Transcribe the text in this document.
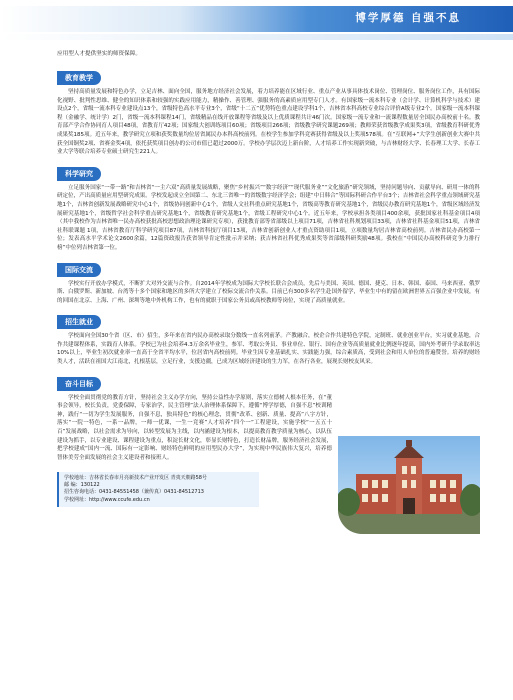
博学厚德 自强不息

应用型人才提供坚实的师资保障。

教育教学

坚持高质量发展和特色办学，立足吉林、面向全国，服务地方经济社会发展，着力培养能在区域行业、重点产业从事具体技术岗位、管理岗位、服务岗位工作，具有国际化视野、批判性思维、健全的知识体系和较强的实践应用能力，精操作、善管理、强服务的高素质应用型专门人才。有国家级一流本科专业（会计学、计算机科学与技术）建设点2个，省级一流本科专业建设点13个，省级特色高水平专业3个，省级“十二五”优势特色重点建设学科1个，吉林省本科高校专业综合评价A级专业2个。国家级一流本科课程（金融学、统计学）2门，省级一流本科课程14门，省级精品在线开放课程等省级及以上优质课程共计46门次。国家级一流专业和一流课程数量居全国民办高校前十名。教育部产学合作协同育人项目48项，省教育厅42项；国家级大创训练项目60项；省级项目266项；省级教学研究课题269项；教师荣获省级教学成果奖3项，省级教育科研优秀成果奖185项。近五年来，教学研究立项和获奖数量均位居省属民办本科高校前列。在校学生参加学科竞赛获得省级及以上奖项578项。在“互联网+”大学生创新创业大赛中共获全国铜奖2项、省赛金奖4项，依托获奖项目创办的公司市值已超过2000万。学校办学层次迈上新台阶，人才培养工作实现新突破，与吉林财经大学、长春理工大学、长春工业大学等联合培养专业硕士研究生221人。

科学研究

立足服务国家“一带一路”和吉林省“一主六双”高质量发展战略，聚焦“乡村振兴”“数字经济”“现代服务业”“文化旅游”研究领域，坚持问题导向、贡献导向、研用一体的科研定位，产出高质量应用型研究成果。学校发起成立全国第二、东北三省唯一的省级数字经济学会；组建“中日韩合”等国际科研合作平台3个；吉林省社会科学重点领域研究基地1个，吉林省创新发展战略研究中心1个，省级协同创新中心1个，省级人文社科重点研究基地1个，省级高等教育研究基地1个，省级民办教育研究基地1个，省级区域经济发展研究基地1个，省级哲学社会科学重点研究基地1个，省级教育研究基地1个，省级工程研究中心1个。近五年来，学校承担各类项目400余项，获批国家社科基金项目4项（其中我校作为吉林省唯一民办高校获批高校思想政治理论课研究专项），获批教育部等省部级以上项目71项，吉林省社科规划项目33项，吉林省社科基金项目51项，吉林省社科联课题 1项，吉林省教育厅科学研究项目87项，吉林省科技厅项目13项，吉林省创新创业人才重点资助项目1项，立项数量均居吉林省高校前列。吉林省民办高校第一位；发表高水平学术论文2600余篇，12篇资政报告获省领导肯定性批示并采纳；获吉林省社科优秀成果奖等省部级科研奖励48项。我校在“中国民办高校科研竞争力排行榜”中位列吉林省第一位。

国际交流

学校实行开放办学模式，不断扩大对外交流与合作。自2014年学校成为国际大学校长联合会成员，先后与美国、英国、德国、捷克、日本、韩国、泰国、马来西亚、俄罗斯、白俄罗斯、新加坡、台湾等十多个国家和地区的多所大学建立了校际交流合作关系。目前已有300多名学生赴国外留学，毕业生中有的留在欧洲世界五百强企业中发展，有的回国在北京、上海、广州、深圳等地中外机构工作，也有的就职于国家公务员或高校教师等岗位，实现了高质量就业。

招生就业

学校面向全国30个省（区、市）招生，多年来在省内民办高校录取分数线一直名列前茅。产教融合，校企合作共建特色学院，定制班、就业创业平台，实习就业基地，合作共建课程体系，实践育人体系。学校已为社会培养4.3万余名毕业生，参军、考取公务员、事业单位、银行、国有企业等高质量就业比例逐年提高，国内外考研升学录取率达10%以上，毕业生初次就业率一直高于全省平均水平，位居省内高校前列。毕业生因专业基础扎实、实践能力强，综合素质高，受到社会和用人单位的普遍赞誉。培养的财经类人才，活跃在祖国大江南北，扎根基层，立足行业，支援边疆，已成为区域经济建设的生力军，在各行各业，展现长财校友风采。

奋斗目标

学校全面贯彻党的教育方针，坚持社会主义办学方向，坚持公益性办学原则，落实立德树人根本任务，在“董事会领导，校长负责，党委保障，专家治学，民主管理”法人治理体系保障下，遵循“博学厚德，自强不息”校训精神，践行“一切为学生发展服务，自强不息，独具特色”的核心理念，贯彻“改革、创新、质量、提高”八字方针，落实“一院一特色，一系一品牌，一师一优课，一生一竞赛”人才培养“四个一”工程建设，实施学校“一五五十百”发展战略，以社会需求为导向，以转型发展为主线，以内涵建设为根本，以提高教育教学质量为核心，以队伍建设为抓手，以专业建设、课程建设为重点，积淀长财文化，彰显长财特色，打造长财品牌，服务经济社会发展，把学校建成“国内一流、国际有一定影响、财经特色鲜明的应用型民办大学”，为实现中华民族伟大复兴，培养德智体美劳全面发展的社会主义建设者和接班人。

学校地址：吉林省长春市月亮新技术产业开发区 青夷天朝路58号
邮 编：130122
招生咨询电话：0431-84551458（兼传真）0431-84512713
学校网址：http://www.ccufe.edu.cn
